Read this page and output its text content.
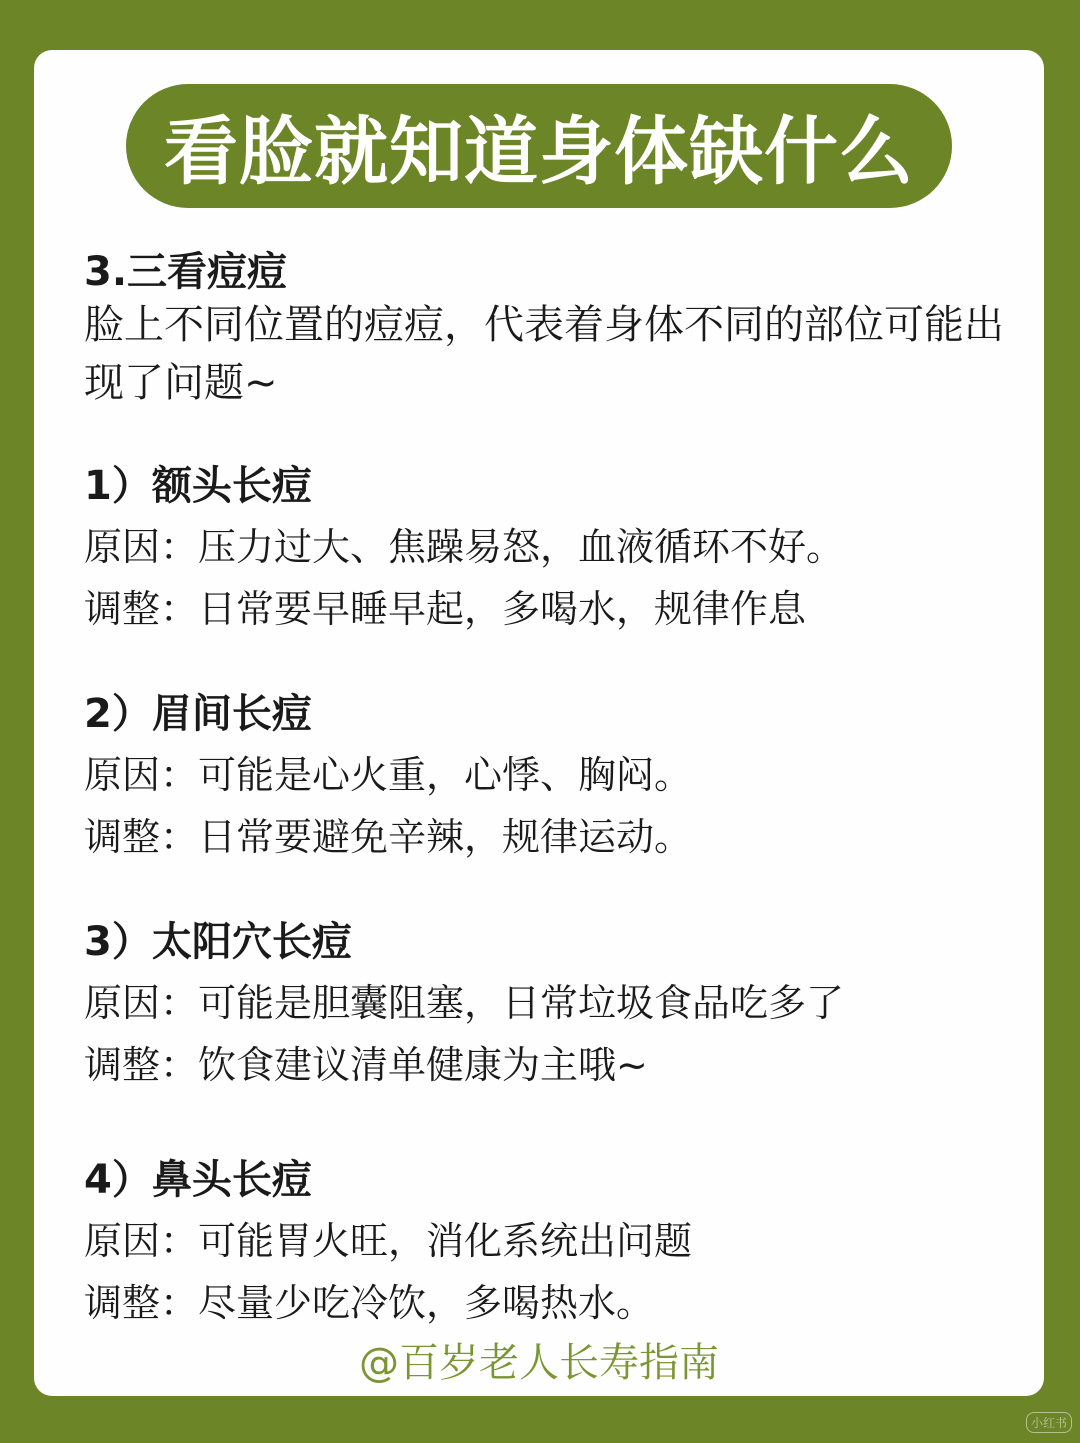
看脸就知道身体缺什么

3.三看痘痘

脸上不同位置的痘痘，代表着身体不同的部位可能出现了问题~

1）额头长痘

原因：压力过大、焦躁易怒，血液循环不好。

调整：日常要早睡早起，多喝水，规律作息

2）眉间长痘

原因：可能是心火重，心悸、胸闷。

调整：日常要避免辛辣，规律运动。

3）太阳穴长痘

原因：可能是胆囊阻塞，日常垃圾食品吃多了

调整：饮食建议清单健康为主哦~

4）鼻头长痘

原因：可能胃火旺，消化系统出问题

调整：尽量少吃冷饮，多喝热水。

@百岁老人长寿指南
小红书
